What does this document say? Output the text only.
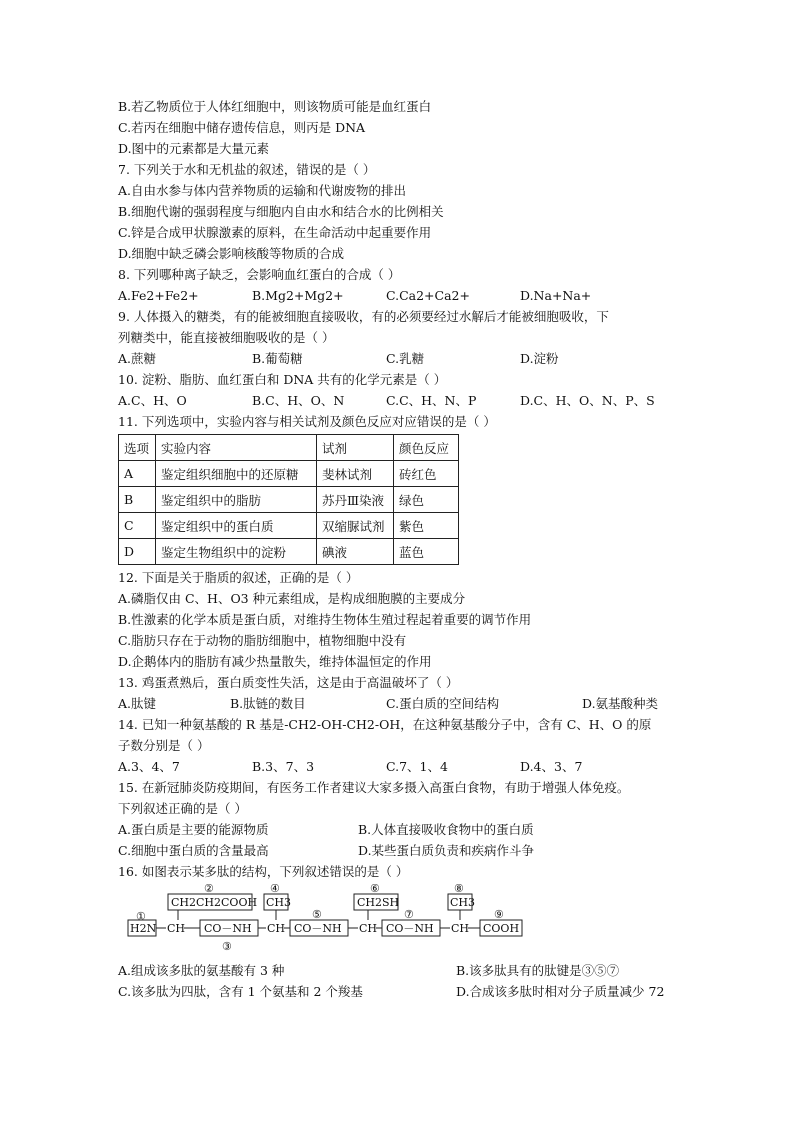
B.若乙物质位于人体红细胞中，则该物质可能是血红蛋白
C.若丙在细胞中储存遗传信息，则丙是 DNA
D.图中的元素都是大量元素
7. 下列关于水和无机盐的叙述，错误的是（ ）
A.自由水参与体内营养物质的运输和代谢废物的排出
B.细胞代谢的强弱程度与细胞内自由水和结合水的比例相关
C.锌是合成甲状腺激素的原料，在生命活动中起重要作用
D.细胞中缺乏磷会影响核酸等物质的合成
8. 下列哪种离子缺乏，会影响血红蛋白的合成（ ）
A.Fe2+Fe2+	B.Mg2+Mg2+	C.Ca2+Ca2+	D.Na+Na+
9. 人体摄入的糖类，有的能被细胞直接吸收，有的必须要经过水解后才能被细胞吸收，下
列糖类中，能直接被细胞吸收的是（ ）
A.蔗糖	B.葡萄糖	C.乳糖	D.淀粉
10. 淀粉、脂肪、血红蛋白和 DNA 共有的化学元素是（ ）
A.C、H、O	B.C、H、O、N	C.C、H、N、P	D.C、H、O、N、P、S
11. 下列选项中，实验内容与相关试剂及颜色反应对应错误的是（ ）
选项	实验内容	试剂	颜色反应
A	鉴定组织细胞中的还原糖	斐林试剂	砖红色
B	鉴定组织中的脂肪	苏丹Ⅲ染液	绿色
C	鉴定组织中的蛋白质	双缩脲试剂	紫色
D	鉴定生物组织中的淀粉	碘液	蓝色
12. 下面是关于脂质的叙述，正确的是（ ）
A.磷脂仅由 C、H、O3 种元素组成，是构成细胞膜的主要成分
B.性激素的化学本质是蛋白质，对维持生物体生殖过程起着重要的调节作用
C.脂肪只存在于动物的脂肪细胞中，植物细胞中没有
D.企鹅体内的脂肪有减少热量散失，维持体温恒定的作用
13. 鸡蛋煮熟后，蛋白质变性失活，这是由于高温破坏了（ ）
A.肽键	B.肽链的数目	C.蛋白质的空间结构	D.氨基酸种类
14. 已知一种氨基酸的 R 基是-CH2-OH-CH2-OH，在这种氨基酸分子中，含有 C、H、O 的原
子数分别是（ ）
A.3、4、7	B.3、7、3	C.7、1、4	D.4、3、7
15. 在新冠肺炎防疫期间，有医务工作者建议大家多摄入高蛋白食物，有助于增强人体免疫。
下列叙述正确的是（ ）
A.蛋白质是主要的能源物质	B.人体直接吸收食物中的蛋白质
C.细胞中蛋白质的含量最高	D.某些蛋白质负责和疾病作斗争
16. 如图表示某多肽的结构，下列叙述错误的是（ ）
①
②
③
④
⑤
⑥
⑦
⑧
⑨
H2N
CH2CH2COOH
CO－NH
CH3
CO－NH
CH2SH
CO－NH
CH3
COOH
CH	CH	CH	CH
A.组成该多肽的氨基酸有 3 种	B.该多肽具有的肽键是③⑤⑦
C.该多肽为四肽，含有 1 个氨基和 2 个羧基	D.合成该多肽时相对分子质量减少 72
